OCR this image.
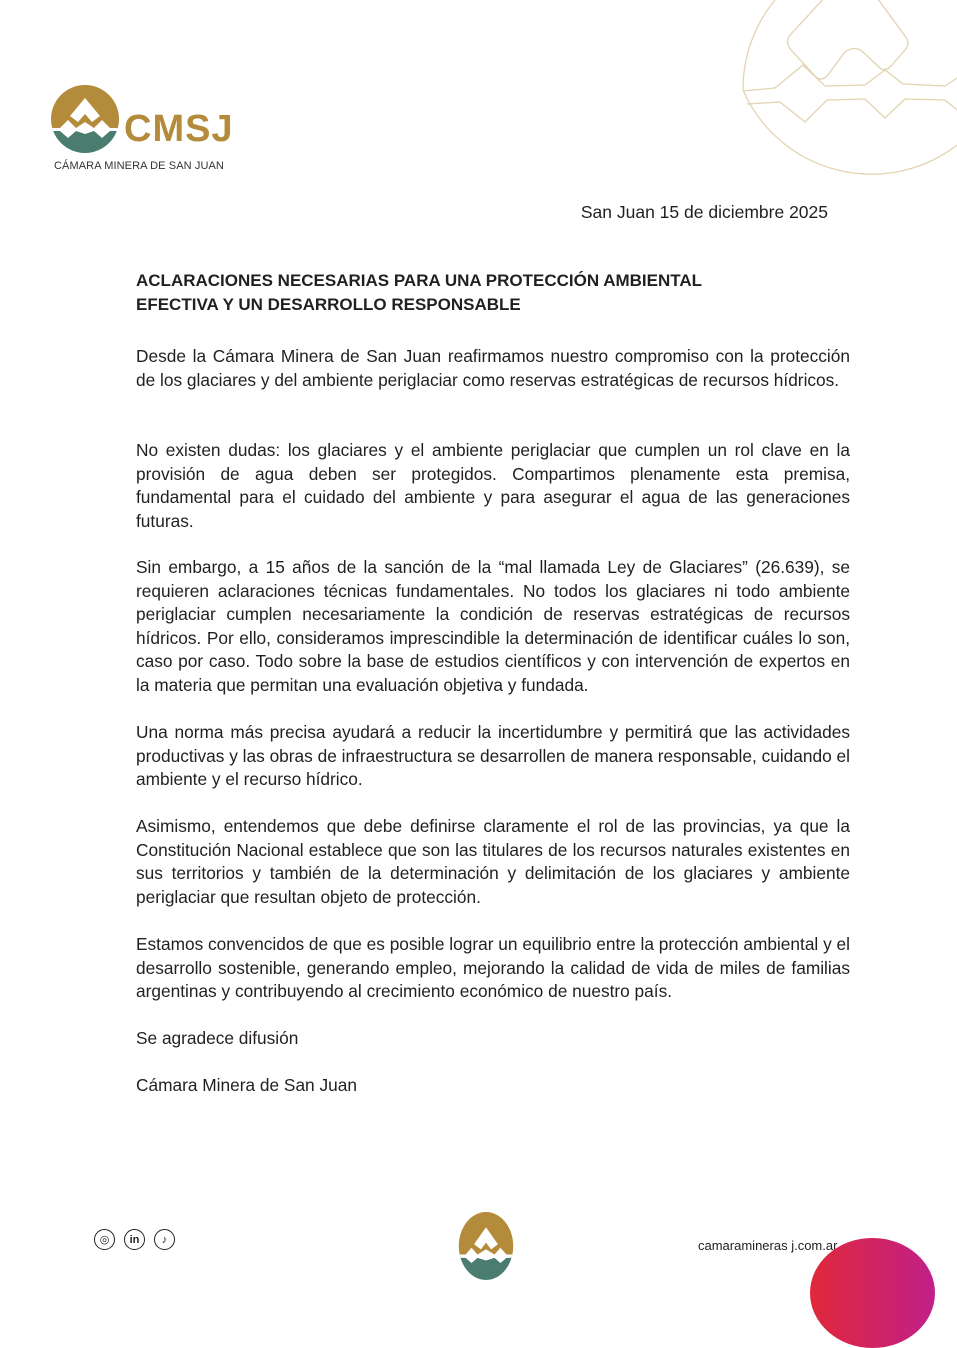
CMSJ
CÁMARA MINERA DE SAN JUAN
San Juan 15 de diciembre 2025
ACLARACIONES NECESARIAS PARA UNA PROTECCIÓN AMBIENTAL
EFECTIVA Y UN DESARROLLO RESPONSABLE

Desde la Cámara Minera de San Juan reafirmamos nuestro compromiso con la protección de los glaciares y del ambiente periglaciar como reservas estratégicas de recursos hídricos.

No existen dudas: los glaciares y el ambiente periglaciar que cumplen un rol clave en la provisión de agua deben ser protegidos. Compartimos plenamente esta premisa, fundamental para el cuidado del ambiente y para asegurar el agua de las generaciones futuras.

Sin embargo, a 15 años de la sanción de la “mal llamada Ley de Glaciares” (26.639), se requieren aclaraciones técnicas fundamentales. No todos los glaciares ni todo ambiente periglaciar cumplen necesariamente la condición de reservas estratégicas de recursos hídricos. Por ello, consideramos imprescindible la determinación de identificar cuáles lo son, caso por caso. Todo sobre la base de estudios científicos y con intervención de expertos en la materia que permitan una evaluación objetiva y fundada.

Una norma más precisa ayudará a reducir la incertidumbre y permitirá que las actividades productivas y las obras de infraestructura se desarrollen de manera responsable, cuidando el ambiente y el recurso hídrico.

Asimismo, entendemos que debe definirse claramente el rol de las provincias, ya que la Constitución Nacional establece que son las titulares de los recursos naturales existentes en sus territorios y también de la determinación y delimitación de los glaciares y ambiente periglaciar que resultan objeto de protección.

Estamos convencidos de que es posible lograr un equilibrio entre la protección ambiental y el desarrollo sostenible, generando empleo, mejorando la calidad de vida de miles de familias argentinas y contribuyendo al crecimiento económico de nuestro país.

Se agradece difusión

Cámara Minera de San Juan

◎	in	♪	camaramineras j.com.ar
